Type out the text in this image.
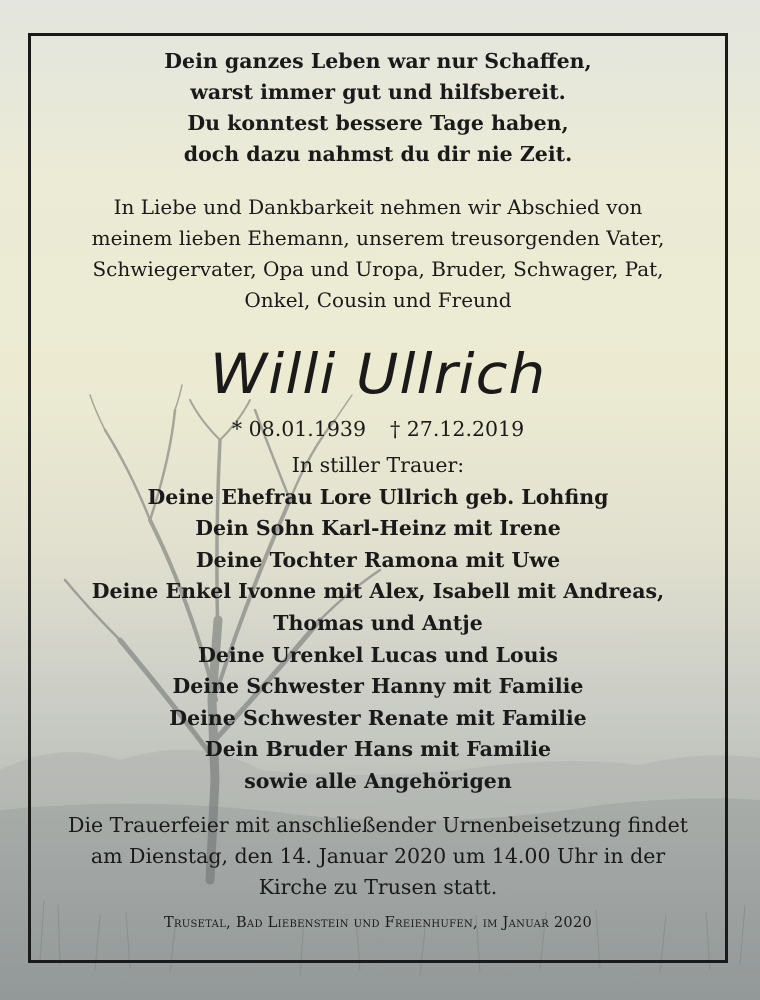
Dein ganzes Leben war nur Schaffen,
warst immer gut und hilfsbereit.
Du konntest bessere Tage haben,
doch dazu nahmst du dir nie Zeit.
In Liebe und Dankbarkeit nehmen wir Abschied von
meinem lieben Ehemann, unserem treusorgenden Vater,
Schwiegervater, Opa und Uropa, Bruder, Schwager, Pat,
Onkel, Cousin und Freund
Willi Ullrich
* 08.01.1939 † 27.12.2019
In stiller Trauer:
Deine Ehefrau Lore Ullrich geb. Lohfing
Dein Sohn Karl-Heinz mit Irene
Deine Tochter Ramona mit Uwe
Deine Enkel Ivonne mit Alex, Isabell mit Andreas,
Thomas und Antje
Deine Urenkel Lucas und Louis
Deine Schwester Hanny mit Familie
Deine Schwester Renate mit Familie
Dein Bruder Hans mit Familie
sowie alle Angehörigen
Die Trauerfeier mit anschließender Urnenbeisetzung findet
am Dienstag, den 14. Januar 2020 um 14.00 Uhr in der
Kirche zu Trusen statt.
Trusetal, Bad Liebenstein und Freienhufen, im Januar 2020
